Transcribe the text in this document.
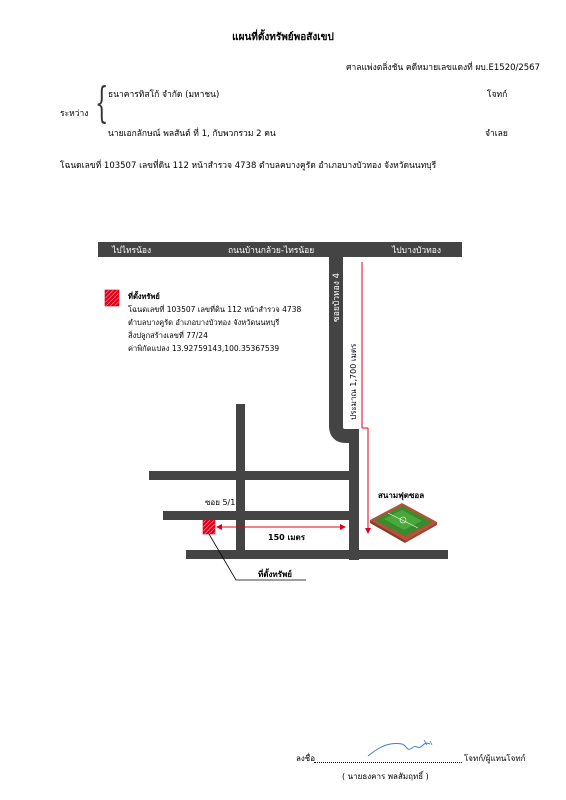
แผนที่ตั้งทรัพย์พอสังเขป
ศาลแพ่งตลิ่งชัน คดีหมายเลขแดงที่ ผบ.E1520/2567
ระหว่าง { ธนาคารทิสโก้ จำกัด (มหาชน)	โจทก์
นายเอกลักษณ์ พลสันต์ ที่ 1, กับพวกรวม 2 คน	จำเลย
โฉนดเลขที่ 103507 เลขที่ดิน 112 หน้าสำรวจ 4738 ตำบลคบางคูรัด อำเภอบางบัวทอง จังหวัดนนทบุรี
ไปไทรน้อง	ถนนบ้านกล้วย-ไทรน้อย	ไปบางบัวทอง
ซอยบัวทอง 4
ประมาณ 1,700 เมตร
150 เมตร
ซอย 5/1
ที่ตั้งทรัพย์
สนามฟุตซอล
ที่ตั้งทรัพย์
โฉนดเลขที่ 103507 เลขที่ดิน 112 หน้าสำรวจ 4738
ตำบลบางคูรัด อำเภอบางบัวทอง จังหวัดนนทบุรี
สิ่งปลูกสร้างเลขที่ 77/24
ค่าพิกัดแปลง 13.92759143,100.35367539
ลงชื่อ	โจทก์/ผู้แทนโจทก์
( นายธงคาร พลสัมฤทธิ์ )
